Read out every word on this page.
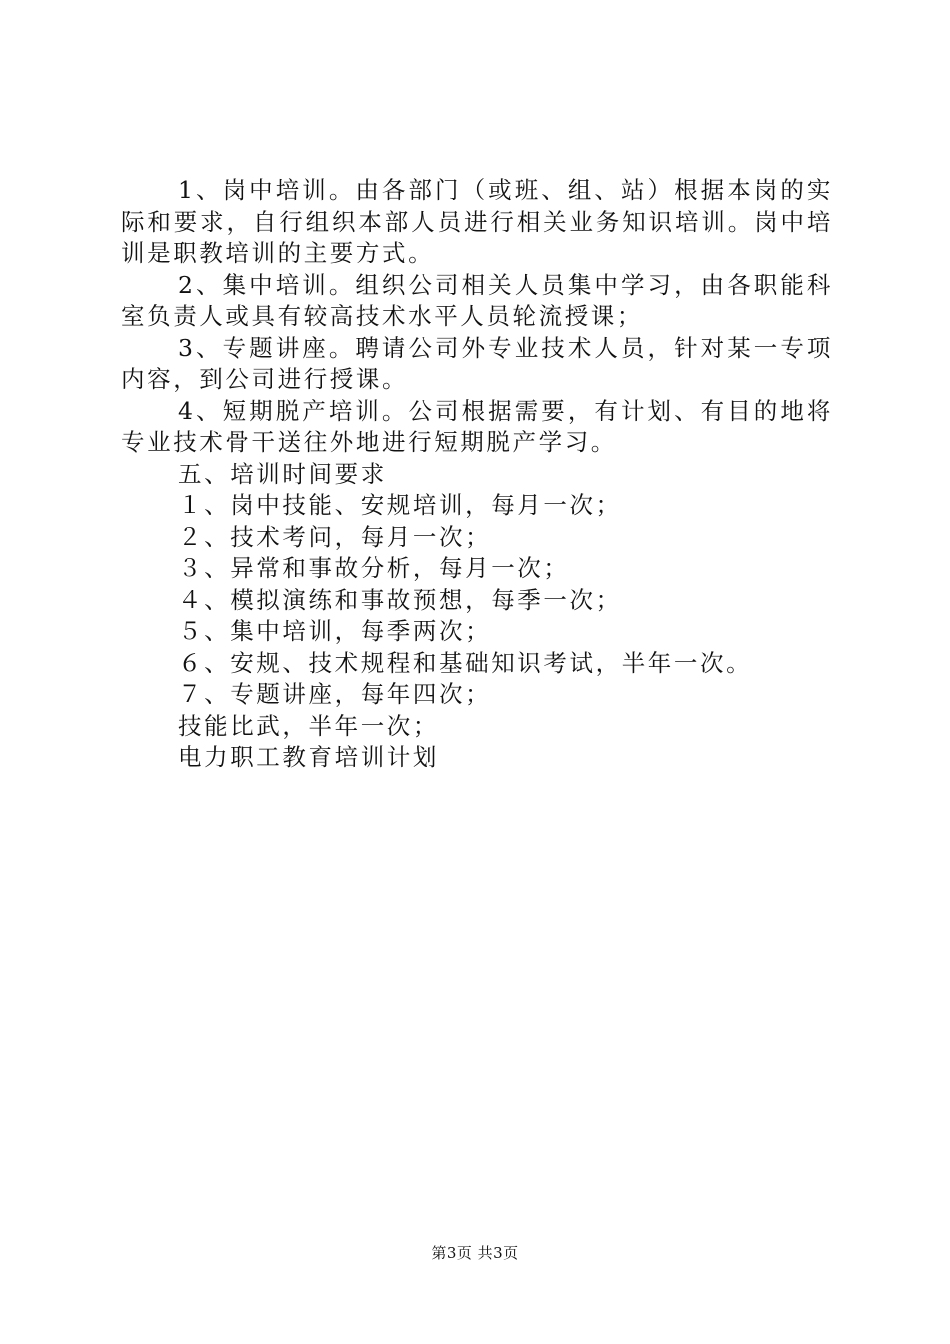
1、岗中培训。由各部门（或班、组、站）根据本岗的实际和要求，自行组织本部人员进行相关业务知识培训。岗中培训是职教培训的主要方式。

2、集中培训。组织公司相关人员集中学习，由各职能科室负责人或具有较高技术水平人员轮流授课；

3、专题讲座。聘请公司外专业技术人员，针对某一专项内容，到公司进行授课。

4、短期脱产培训。公司根据需要，有计划、有目的地将专业技术骨干送往外地进行短期脱产学习。

五、培训时间要求

１、岗中技能、安规培训，每月一次；

２、技术考问，每月一次；

３、异常和事故分析，每月一次；

４、模拟演练和事故预想，每季一次；

５、集中培训，每季两次；

６、安规、技术规程和基础知识考试，半年一次。

７、专题讲座，每年四次；

技能比武，半年一次；

电力职工教育培训计划

第3页 共3页
